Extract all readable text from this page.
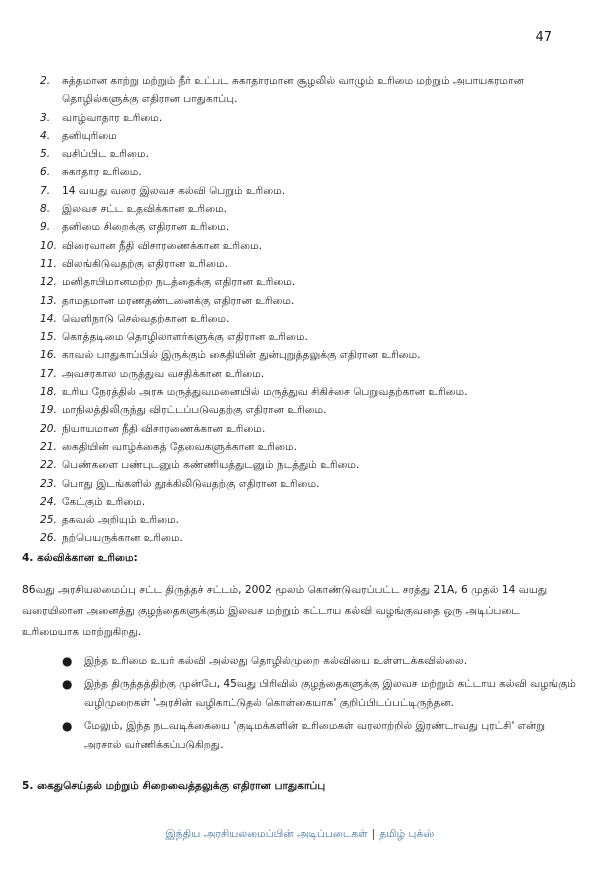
47
2.	சுத்தமான காற்று மற்றும் நீர் உட்பட சுகாதாரமான சூழலில் வாழும் உரிமை மற்றும் அபாயகரமான தொழில்களுக்கு எதிரான பாதுகாப்பு.
3.	வாழ்வாதார உரிமை.
4.	தனியுரிமை
5.	வசிப்பிட உரிமை.
6.	சுகாதார உரிமை.
7.	14 வயது வரை இலவச கல்வி பெறும் உரிமை.
8.	இலவச சட்ட உதவிக்கான உரிமை.
9.	தனிமை சிறைக்கு எதிரான உரிமை.
10. விரைவான நீதி விசாரணைக்கான உரிமை.
11. விலங்கிடுவதற்கு எதிரான உரிமை.
12. மனிதாபிமானமற்ற நடத்தைக்கு எதிரான உரிமை.
13. தாமதமான மரணதண்டனைக்கு எதிரான உரிமை.
14. வெளிநாடு செல்வதற்கான உரிமை.
15. கொத்தடிமை தொழிலாளர்களுக்கு எதிரான உரிமை.
16. காவல் பாதுகாப்பில் இருக்கும் கைதியின் துன்புறுத்தலுக்கு எதிரான உரிமை.
17. அவசரகால மருத்துவ வசதிக்கான உரிமை.
18. உரிய நேரத்தில் அரசு மருத்துவமனையில் மருத்துவ சிகிச்சை பெறுவதற்கான உரிமை.
19. மாநிலத்திலிருந்து விரட்டப்படுவதற்கு எதிரான உரிமை.
20. நியாயமான நீதி விசாரணைக்கான உரிமை.
21. கைதியின் வாழ்க்கைத் தேவைகளுக்கான உரிமை.
22. பெண்களை பண்புடனும் கண்ணியத்துடனும் நடத்தும் உரிமை.
23. பொது இடங்களில் தூக்கிலிடுவதற்கு எதிரான உரிமை.
24. கேட்கும் உரிமை.
25. தகவல் அறியும் உரிமை.
26. நற்பெயருக்கான உரிமை.
4. கல்விக்கான உரிமை:

86வது அரசியலமைப்பு சட்ட திருத்தச் சட்டம், 2002 மூலம் கொண்டுவரப்பட்ட சரத்து 21A, 6 முதல் 14 வயது வரையிலான அனைத்து குழந்தைகளுக்கும் இலவச மற்றும் கட்டாய கல்வி வழங்குவதை ஒரு அடிப்படை உரிமையாக மாற்றுகிறது.

● இந்த உரிமை உயர் கல்வி அல்லது தொழில்முறை கல்வியை உள்ளடக்கவில்லை.
● இந்த திருத்தத்திற்கு முன்பே, 45வது பிரிவில் குழந்தைகளுக்கு இலவச மற்றும் கட்டாய கல்வி வழங்கும் வழிமுறைகள் 'அரசின் வழிகாட்டுதல் கொள்கையாக' குறிப்பிடப்பட்டிருந்தன.
● மேலும், இந்த நடவடிக்கையை 'குடிமக்களின் உரிமைகள் வரலாற்றில் இரண்டாவது புரட்சி' என்று அரசால் வர்ணிக்கப்படுகிறது.
5. கைதுசெய்தல் மற்றும் சிறைவைத்தலுக்கு எதிரான பாதுகாப்பு
இந்திய அரசியலமைப்பின் அடிப்படைகள் | தமிழ் புக்ஸ்
